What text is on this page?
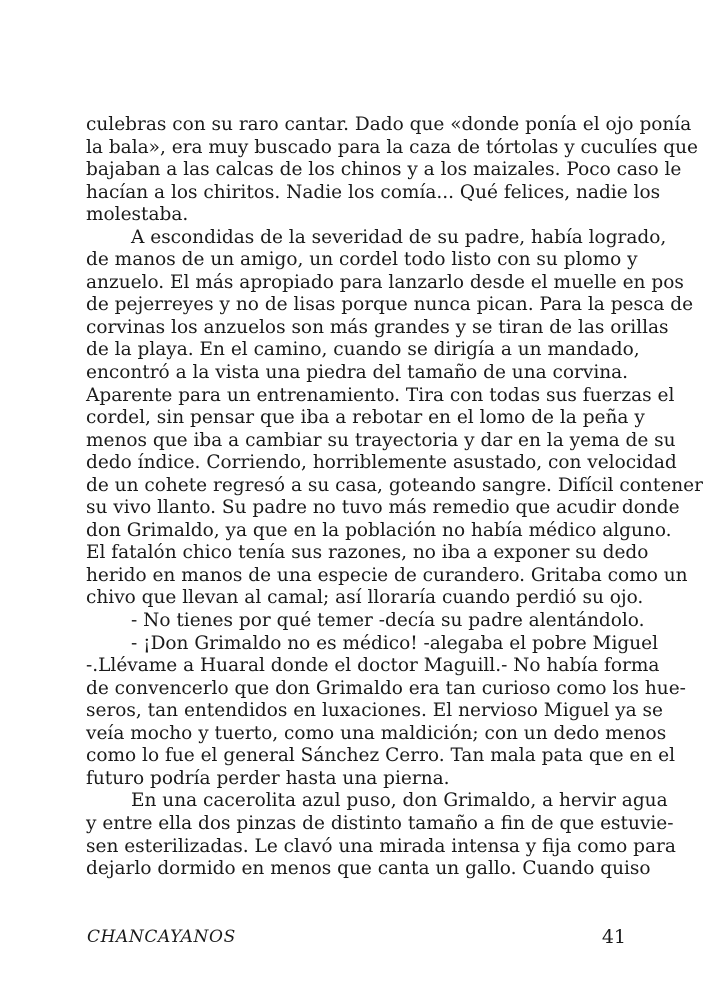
culebras con su raro cantar. Dado que «donde ponía el ojo ponía
la bala», era muy buscado para la caza de tórtolas y cuculíes que
bajaban a las calcas de los chinos y a los maizales. Poco caso le
hacían a los chiritos. Nadie los comía... Qué felices, nadie los
molestaba.
A escondidas de la severidad de su padre, había logrado,
de manos de un amigo, un cordel todo listo con su plomo y
anzuelo. El más apropiado para lanzarlo desde el muelle en pos
de pejerreyes y no de lisas porque nunca pican. Para la pesca de
corvinas los anzuelos son más grandes y se tiran de las orillas
de la playa. En el camino, cuando se dirigía a un mandado,
encontró a la vista una piedra del tamaño de una corvina.
Aparente para un entrenamiento. Tira con todas sus fuerzas el
cordel, sin pensar que iba a rebotar en el lomo de la peña y
menos que iba a cambiar su trayectoria y dar en la yema de su
dedo índice. Corriendo, horriblemente asustado, con velocidad
de un cohete regresó a su casa, goteando sangre. Difícil contener
su vivo llanto. Su padre no tuvo más remedio que acudir donde
don Grimaldo, ya que en la población no había médico alguno.
El fatalón chico tenía sus razones, no iba a exponer su dedo
herido en manos de una especie de curandero. Gritaba como un
chivo que llevan al camal; así lloraría cuando perdió su ojo.
- No tienes por qué temer -decía su padre alentándolo.
- ¡Don Grimaldo no es médico! -alegaba el pobre Miguel
-.Llévame a Huaral donde el doctor Maguill.- No había forma
de convencerlo que don Grimaldo era tan curioso como los hue-
seros, tan entendidos en luxaciones. El nervioso Miguel ya se
veía mocho y tuerto, como una maldición; con un dedo menos
como lo fue el general Sánchez Cerro. Tan mala pata que en el
futuro podría perder hasta una pierna.
En una cacerolita azul puso, don Grimaldo, a hervir agua
y entre ella dos pinzas de distinto tamaño a fin de que estuvie-
sen esterilizadas. Le clavó una mirada intensa y fija como para
dejarlo dormido en menos que canta un gallo. Cuando quiso
CHANCAYANOS	41
